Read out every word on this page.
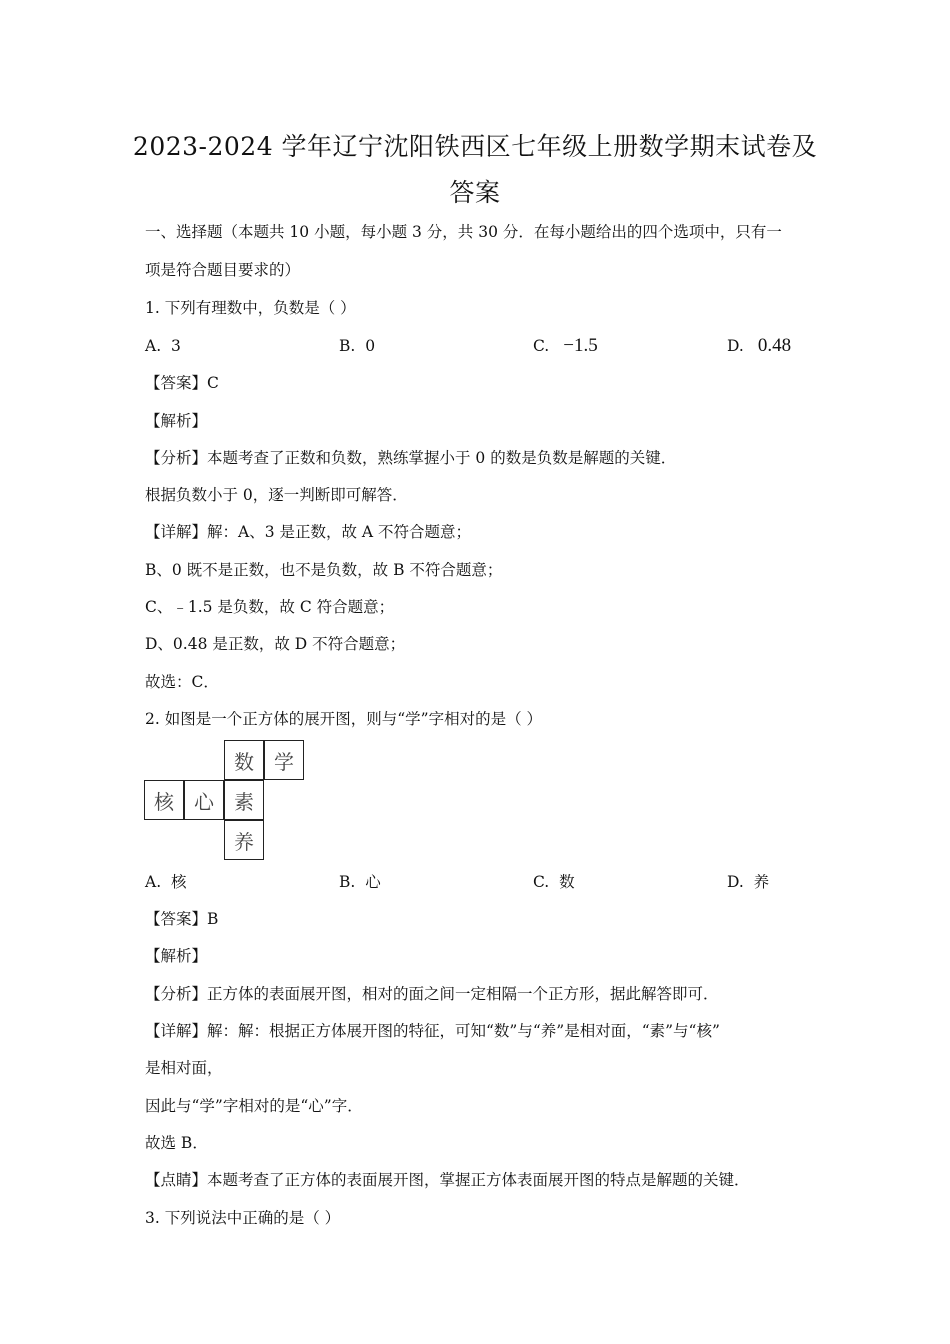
2023-2024 学年辽宁沈阳铁西区七年级上册数学期末试卷及
答案
一、选择题（本题共 10 小题，每小题 3 分，共 30 分．在每小题给出的四个选项中，只有一
项是符合题目要求的）
1. 下列有理数中，负数是（ ）
A. 3	B. 0	C. −1.5	D. 0.48
【答案】C
【解析】
【分析】本题考查了正数和负数，熟练掌握小于 0 的数是负数是解题的关键．
根据负数小于 0，逐一判断即可解答．
【详解】解：A、3 是正数，故 A 不符合题意；
B、0 既不是正数，也不是负数，故 B 不符合题意；
C、﹣1.5 是负数，故 C 符合题意；
D、0.48 是正数，故 D 不符合题意；
故选：C．
2. 如图是一个正方体的展开图，则与“学”字相对的是（ ）
数	学
核	心	素
养
A. 核	B. 心	C. 数	D. 养
【答案】B
【解析】
【分析】正方体的表面展开图，相对的面之间一定相隔一个正方形，据此解答即可．
【详解】解：解：根据正方体展开图的特征，可知“数”与“养”是相对面，“素”与“核”
是相对面，
因此与“学”字相对的是“心”字．
故选 B．
【点睛】本题考查了正方体的表面展开图，掌握正方体表面展开图的特点是解题的关键．
3. 下列说法中正确的是（ ）
